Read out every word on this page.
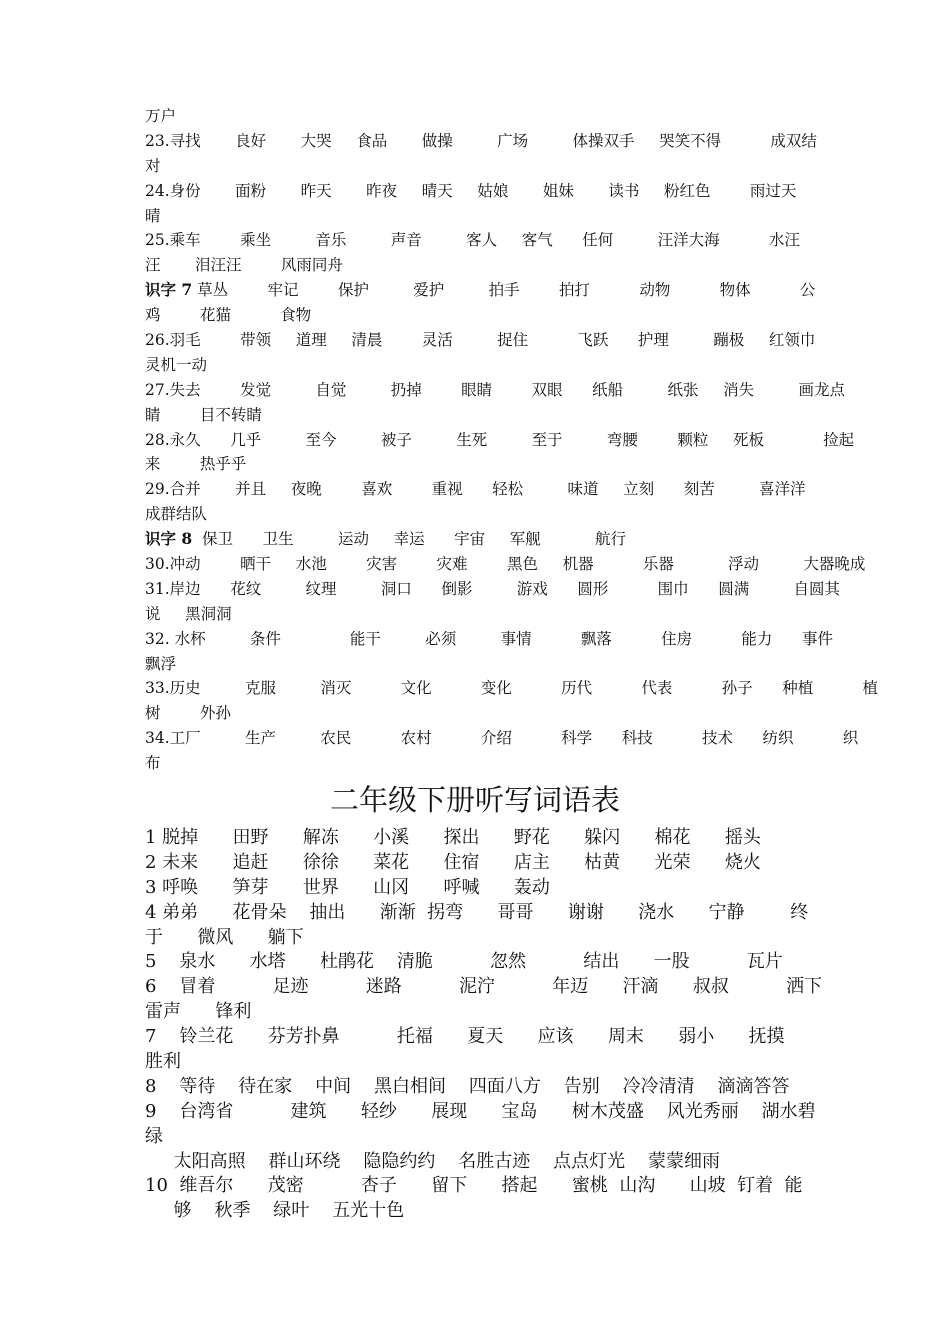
万户
23.寻找       良好       大哭     食品       做操         广场         体操双手     哭笑不得          成双结
对
24.身份       面粉       昨天       昨夜     晴天     姑娘       姐妹       读书     粉红色        雨过天
晴
25.乘车        乘坐         音乐         声音         客人     客气      任何         汪洋大海          水汪
汪       泪汪汪        风雨同舟
识字 7 草丛        牢记        保护         爱护         拍手        拍打          动物          物体          公
鸡        花猫          食物
26.羽毛        带领     道理     清晨        灵活         捉住          飞跃      护理         蹦极     红领巾
灵机一动
27.失去        发觉         自觉         扔掉        眼睛        双眼      纸船         纸张     消失         画龙点
睛        目不转睛
28.永久      几乎         至今         被子         生死         至于         弯腰        颗粒     死板            捡起
来        热乎乎
29.合并       并且     夜晚        喜欢        重视      轻松         味道     立刻      刻苦         喜洋洋
成群结队
识字 8  保卫      卫生         运动     幸运      宇宙     军舰           航行
30.冲动        晒干     水池        灾害        灾难        黑色     机器          乐器           浮动         大器晚成
31.岸边      花纹         纹理         洞口      倒影         游戏      圆形          围巾      圆满         自圆其
说     黑洞洞
32. 水杯         条件              能干         必须         事情          飘落          住房          能力      事件
飘浮
33.历史         克服         消灭          文化          变化          历代          代表          孙子      种植          植
树        外孙
34.工厂         生产         农民          农村          介绍          科学      科技          技术      纺织          织
布
二年级下册听写词语表
1 脱掉      田野      解冻      小溪      探出      野花      躲闪      棉花      摇头
2 未来      追赶      徐徐      菜花      住宿      店主      枯黄      光荣      烧火
3 呼唤      笋芽      世界      山冈      呼喊      轰动
4 弟弟      花骨朵    抽出      渐渐  拐弯      哥哥      谢谢      浇水      宁静        终
于      微风      躺下
5    泉水      水塔      杜鹃花    清脆          忽然          结出      一股          瓦片
6    冒着          足迹          迷路          泥泞          年迈      汗滴      叔叔          洒下
雷声      锋利
7    铃兰花      芬芳扑鼻          托福      夏天      应该      周末      弱小      抚摸
胜利
8    等待    待在家    中间    黑白相间    四面八方    告别    冷冷清清    滴滴答答
9    台湾省          建筑      轻纱      展现      宝岛      树木茂盛    风光秀丽    湖水碧
绿
太阳高照    群山环绕    隐隐约约    名胜古迹    点点灯光    蒙蒙细雨
10  维吾尔      茂密          杏子      留下      搭起      蜜桃  山沟      山坡  钉着  能
够    秋季    绿叶    五光十色
